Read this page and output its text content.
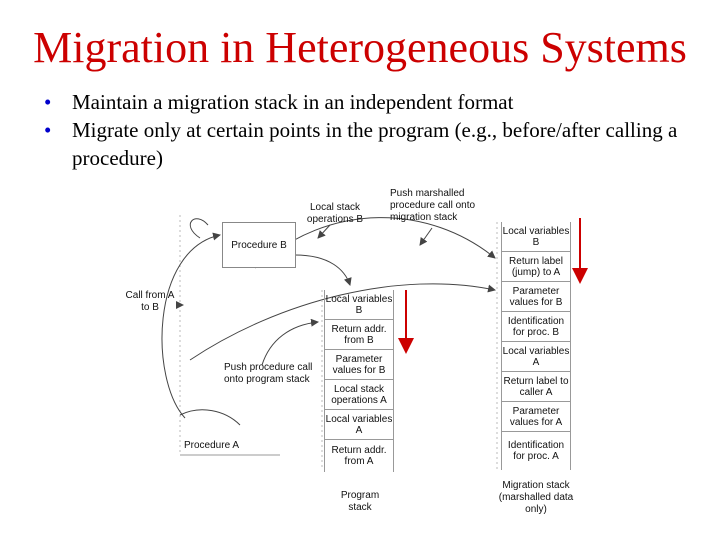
Migration in Heterogeneous Systems
• Maintain a migration stack in an independent format
• Migrate only at certain points in the program (e.g., before/after calling a procedure)
Procedure B
Local stack operations B
Push marshalled procedure call onto migration stack
Call from A to B
Push procedure call onto program stack
Procedure A
Local variables B
Return addr. from B
Parameter values for B
Local stack operations A
Local variables A
Return addr. from A
Program stack
Local variables B
Return label (jump) to A
Parameter values for B
Identification for proc. B
Local variables A
Return label to caller A
Parameter values for A
Identification for proc. A
Migration stack (marshalled data only)
